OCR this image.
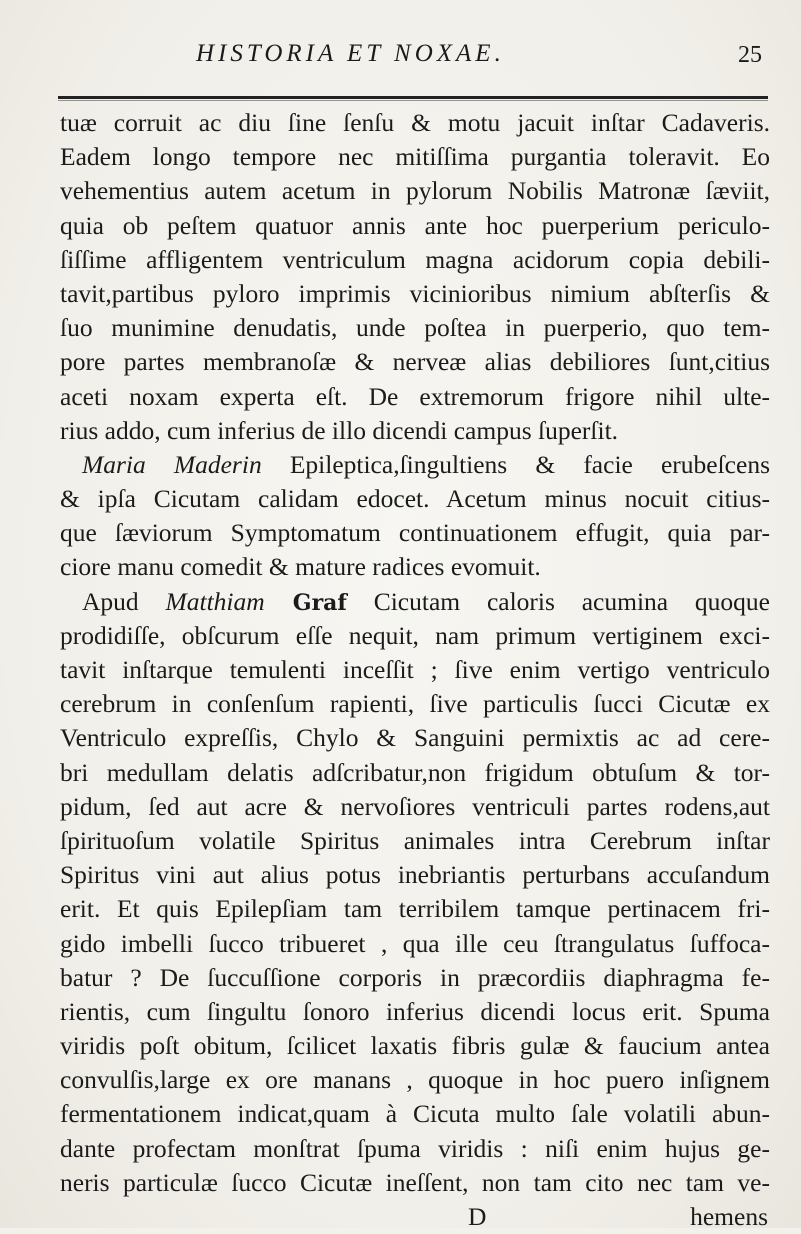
HISTORIA ET NOXAE.	25
tuæ corruit ac diu ſine ſenſu & motu jacuit inſtar Cadaveris.
Eadem longo tempore nec mitiſſima purgantia toleravit. Eo
vehementius autem acetum in pylorum Nobilis Matronæ ſæviit,
quia ob peſtem quatuor annis ante hoc puerperium periculo-
ſiſſime affligentem ventriculum magna acidorum copia debili-
tavit,partibus pyloro imprimis vicinioribus nimium abſterſis &
ſuo munimine denudatis, unde poſtea in puerperio, quo tem-
pore partes membranoſæ & nerveæ alias debiliores ſunt,citius
aceti noxam experta eſt. De extremorum frigore nihil ulte-
rius addo, cum inferius de illo dicendi campus ſuperſit.
Maria Maderin Epileptica,ſingultiens & facie erubeſcens
& ipſa Cicutam calidam edocet. Acetum minus nocuit citius-
que ſæviorum Symptomatum continuationem effugit, quia par-
ciore manu comedit & mature radices evomuit.
Apud Matthiam Graf Cicutam caloris acumina quoque
prodidiſſe, obſcurum eſſe nequit, nam primum vertiginem exci-
tavit inſtarque temulenti inceſſit ; ſive enim vertigo ventriculo
cerebrum in conſenſum rapienti, ſive particulis ſucci Cicutæ ex
Ventriculo expreſſis, Chylo & Sanguini permixtis ac ad cere-
bri medullam delatis adſcribatur,non frigidum obtuſum & tor-
pidum, ſed aut acre & nervoſiores ventriculi partes rodens,aut
ſpirituoſum volatile Spiritus animales intra Cerebrum inſtar
Spiritus vini aut alius potus inebriantis perturbans accuſandum
erit. Et quis Epilepſiam tam terribilem tamque pertinacem fri-
gido imbelli ſucco tribueret , qua ille ceu ſtrangulatus ſuffoca-
batur ? De ſuccuſſione corporis in præcordiis diaphragma fe-
rientis, cum ſingultu ſonoro inferius dicendi locus erit. Spuma
viridis poſt obitum, ſcilicet laxatis fibris gulæ & faucium antea
convulſis,large ex ore manans , quoque in hoc puero inſignem
fermentationem indicat,quam à Cicuta multo ſale volatili abun-
dante profectam monſtrat ſpuma viridis : niſi enim hujus ge-
neris particulæ ſucco Cicutæ ineſſent, non tam cito nec tam ve-
D	hemens
